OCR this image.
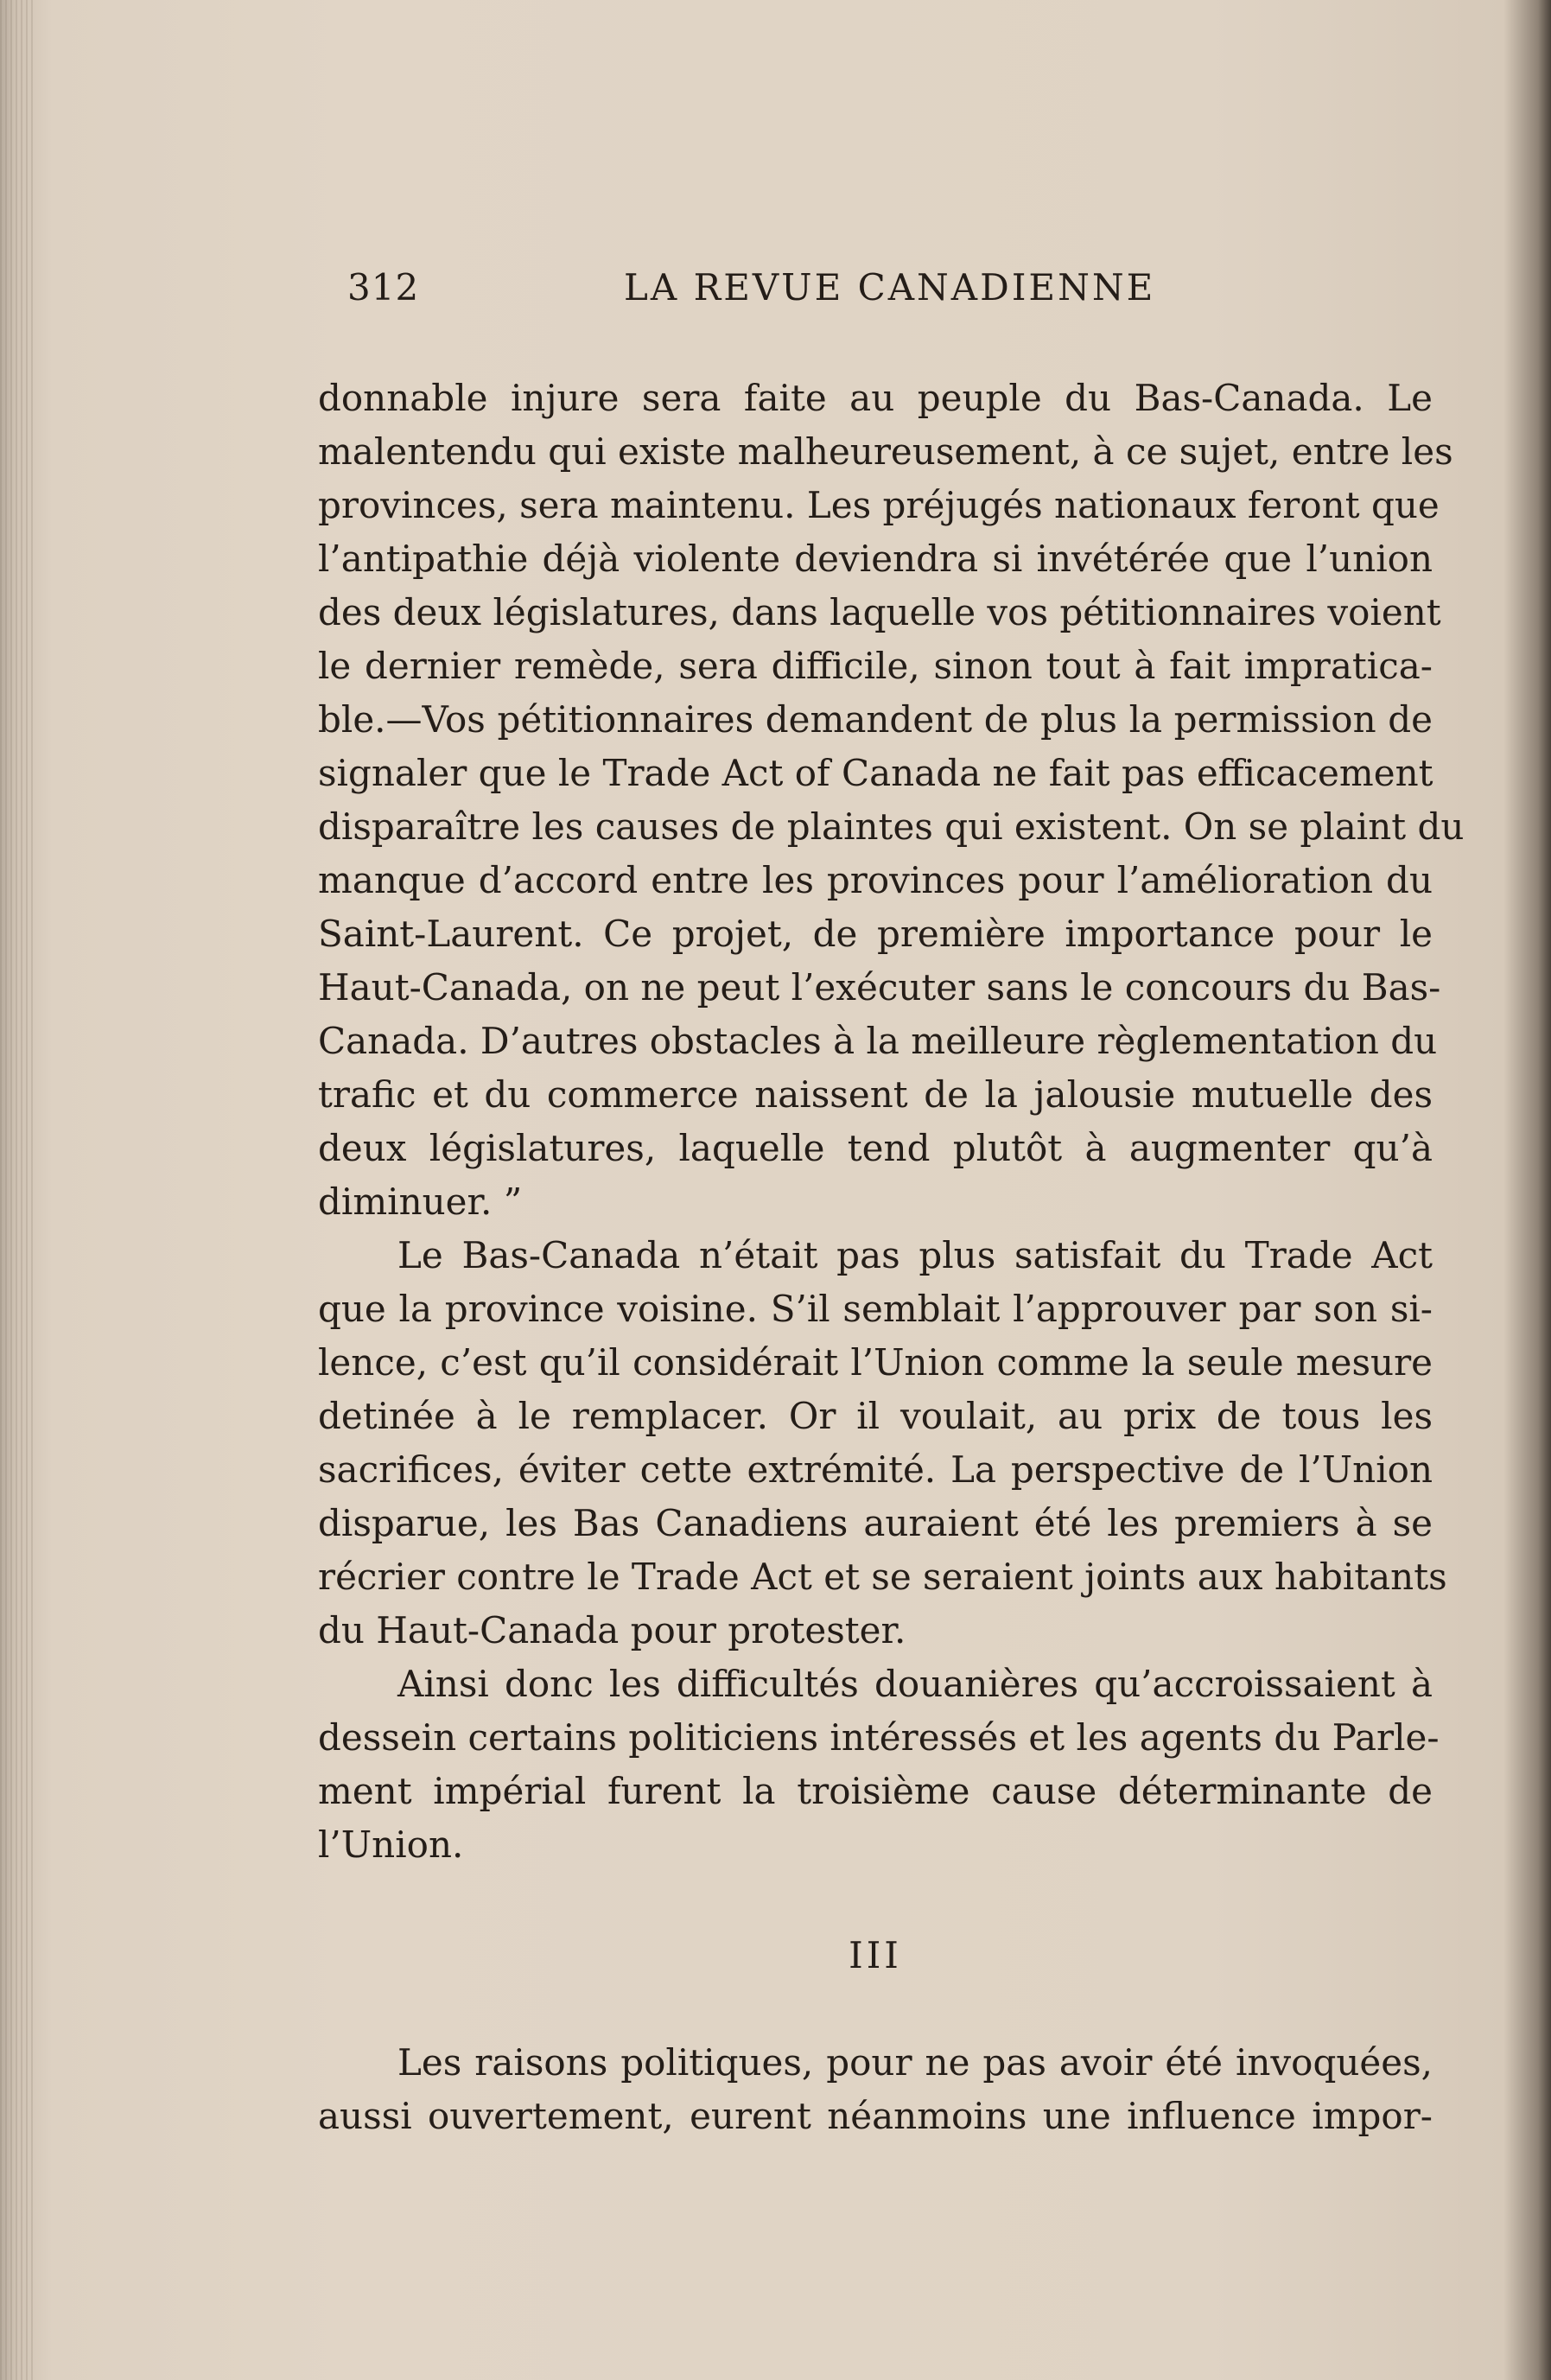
312	LA REVUE CANADIENNE
donnable injure sera faite au peuple du Bas-Canada. Le
malentendu qui existe malheureusement, à ce sujet, entre les
provinces, sera maintenu. Les préjugés nationaux feront que
l’antipathie déjà violente deviendra si invétérée que l’union
des deux législatures, dans laquelle vos pétitionnaires voient
le dernier remède, sera difficile, sinon tout à fait impratica-
ble.—Vos pétitionnaires demandent de plus la permission de
signaler que le Trade Act of Canada ne fait pas efficacement
disparaître les causes de plaintes qui existent. On se plaint du
manque d’accord entre les provinces pour l’amélioration du
Saint-Laurent. Ce projet, de première importance pour le
Haut-Canada, on ne peut l’exécuter sans le concours du Bas-
Canada. D’autres obstacles à la meilleure règlementation du
trafic et du commerce naissent de la jalousie mutuelle des
deux législatures, laquelle tend plutôt à augmenter qu’à
diminuer. ”
Le Bas-Canada n’était pas plus satisfait du Trade Act
que la province voisine. S’il semblait l’approuver par son si-
lence, c’est qu’il considérait l’Union comme la seule mesure
detinée à le remplacer. Or il voulait, au prix de tous les
sacrifices, éviter cette extrémité. La perspective de l’Union
disparue, les Bas Canadiens auraient été les premiers à se
récrier contre le Trade Act et se seraient joints aux habitants
du Haut-Canada pour protester.
Ainsi donc les difficultés douanières qu’accroissaient à
dessein certains politiciens intéressés et les agents du Parle-
ment impérial furent la troisième cause déterminante de
l’Union.
III
Les raisons politiques, pour ne pas avoir été invoquées,
aussi ouvertement, eurent néanmoins une influence impor-
